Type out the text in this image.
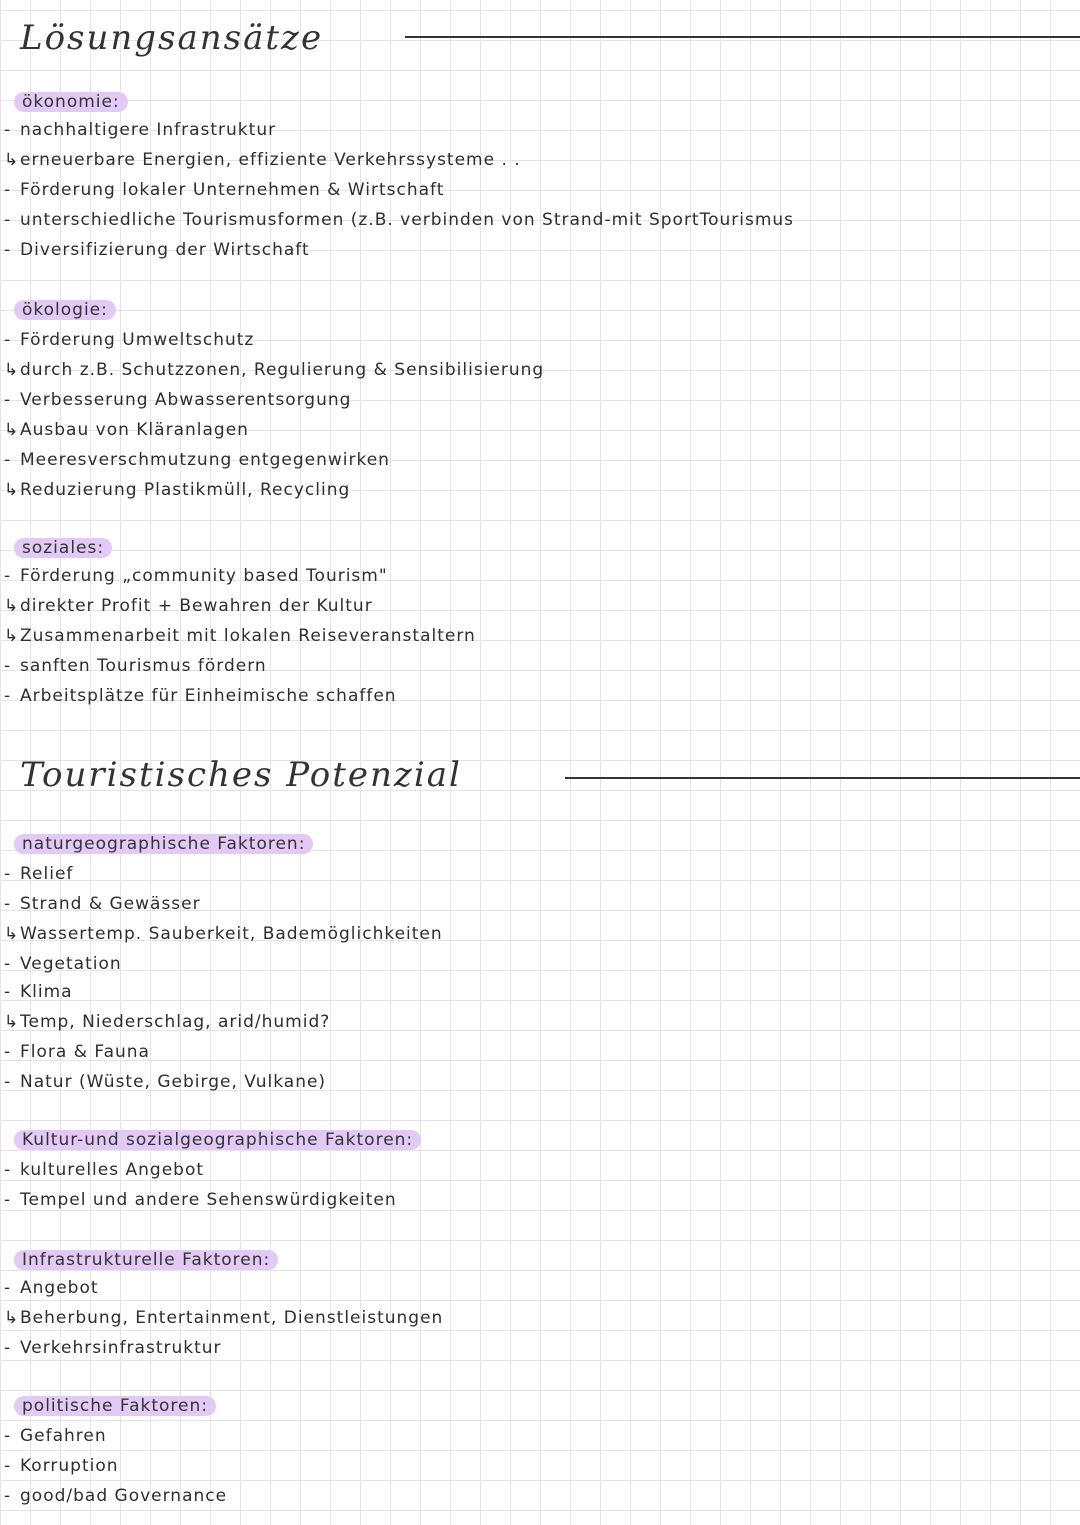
Lösungsansätze
ökonomie:
- nachhaltigere Infrastruktur
↳erneuerbare Energien, effiziente Verkehrssysteme . .
- Förderung lokaler Unternehmen & Wirtschaft
- unterschiedliche Tourismusformen (z.B. verbinden von Strand-mit SportTourismus
- Diversifizierung der Wirtschaft
ökologie:
- Förderung Umweltschutz
↳durch z.B. Schutzzonen, Regulierung & Sensibilisierung
- Verbesserung Abwasserentsorgung
↳Ausbau von Kläranlagen
- Meeresverschmutzung entgegenwirken
↳Reduzierung Plastikmüll, Recycling
soziales:
- Förderung „community based Tourism"
↳direkter Profit + Bewahren der Kultur
↳Zusammenarbeit mit lokalen Reiseveranstaltern
- sanften Tourismus fördern
- Arbeitsplätze für Einheimische schaffen
Touristisches Potenzial
naturgeographische Faktoren:
- Relief
- Strand & Gewässer
↳Wassertemp. Sauberkeit, Bademöglichkeiten
- Vegetation
- Klima
↳Temp, Niederschlag, arid/humid?
- Flora & Fauna
- Natur (Wüste, Gebirge, Vulkane)
Kultur-und sozialgeographische Faktoren:
- kulturelles Angebot
- Tempel und andere Sehenswürdigkeiten
Infrastrukturelle Faktoren:
- Angebot
↳Beherbung, Entertainment, Dienstleistungen
- Verkehrsinfrastruktur
politische Faktoren:
- Gefahren
- Korruption
- good/bad Governance
